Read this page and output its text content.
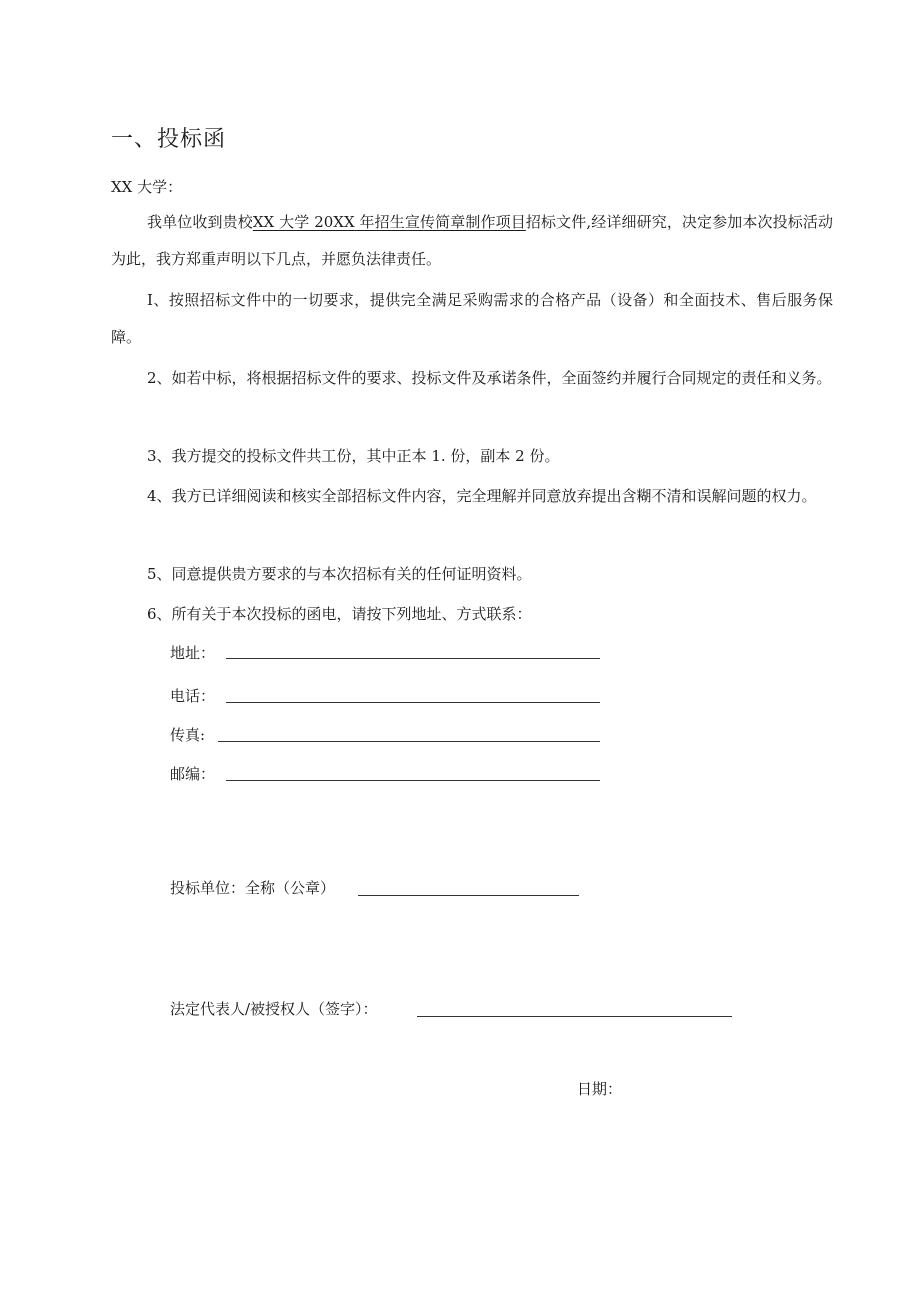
一、投标函
XX 大学：
我单位收到贵校XX 大学 20XX 年招生宣传简章制作项目招标文件,经详细研究，决定参加本次投标活动为此，我方郑重声明以下几点，并愿负法律责任。
I、按照招标文件中的一切要求，提供完全满足采购需求的合格产品（设备）和全面技术、售后服务保障。
2、如若中标，将根据招标文件的要求、投标文件及承诺条件，全面签约并履行合同规定的责任和义务。
3、我方提交的投标文件共工份，其中正本 1. 份，副本 2 份。
4、我方已详细阅读和核实全部招标文件内容，完全理解并同意放弃提出含糊不清和误解问题的权力。
5、同意提供贵方要求的与本次招标有关的任何证明资料。
6、所有关于本次投标的函电，请按下列地址、方式联系：
地址：
电话：
传真:
邮编：
投标单位：全称（公章）
法定代表人/被授权人（签字）：
日期：
